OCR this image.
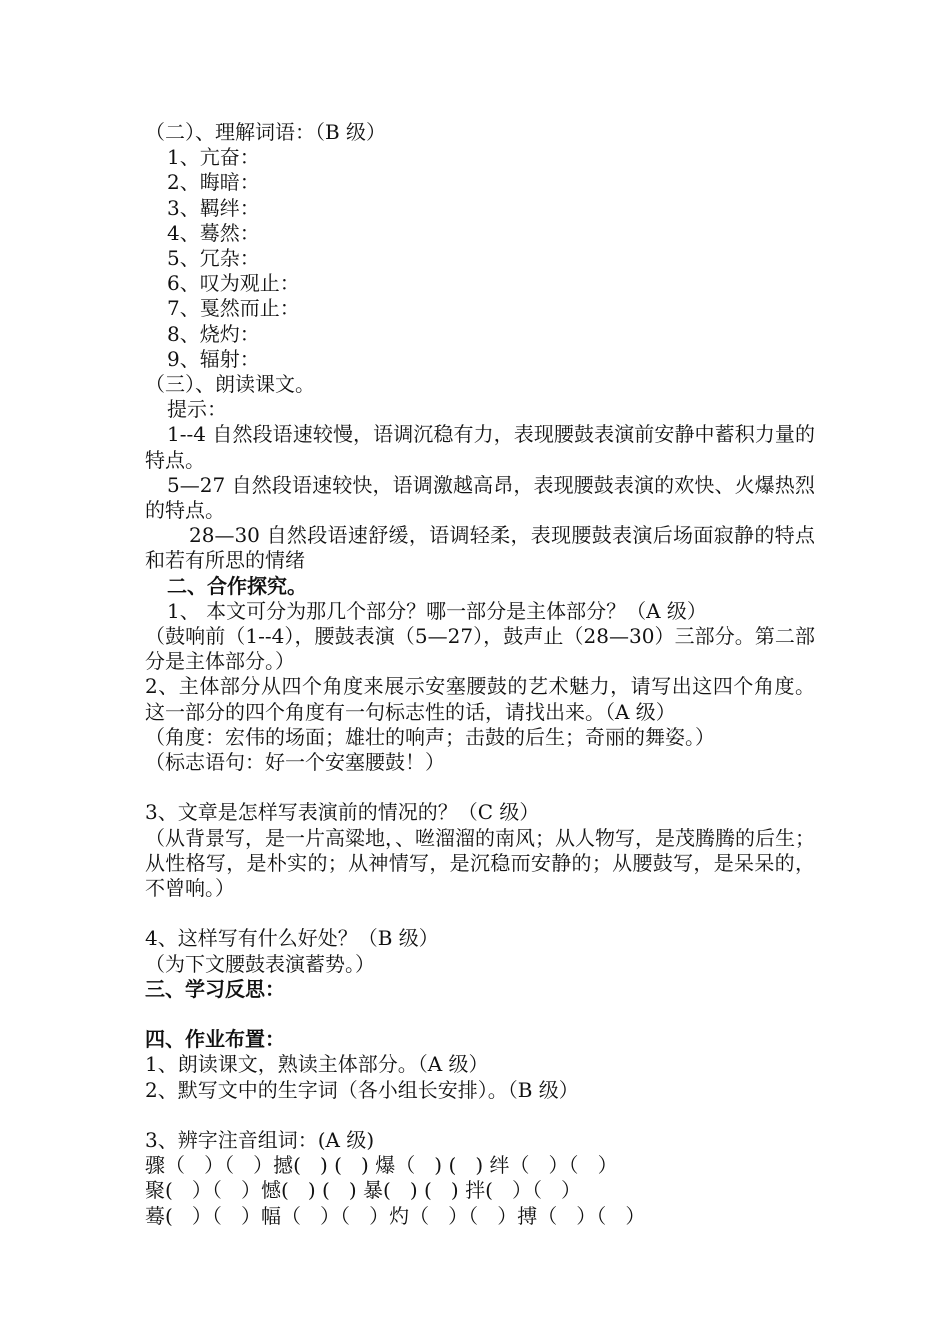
（二）、理解词语：（B 级）
1、亢奋：
2、晦暗：
3、羁绊：
4、蓦然：
5、冗杂：
6、叹为观止：
7、戛然而止：
8、烧灼：
9、辐射：
（三）、朗读课文。
提示：
1--4 自然段语速较慢，语调沉稳有力，表现腰鼓表演前安静中蓄积力量的特点。
5—27 自然段语速较快，语调激越高昂，表现腰鼓表演的欢快、火爆热烈的特点。
28—30 自然段语速舒缓，语调轻柔，表现腰鼓表演后场面寂静的特点和若有所思的情绪
二、合作探究。
1、 本文可分为那几个部分？哪一部分是主体部分？（A 级）
（鼓响前（1--4），腰鼓表演（5—27），鼓声止（28—30）三部分。第二部分是主体部分。）
2、主体部分从四个角度来展示安塞腰鼓的艺术魅力，请写出这四个角度。这一部分的四个角度有一句标志性的话，请找出来。（A 级）
（角度：宏伟的场面；雄壮的响声；击鼓的后生；奇丽的舞姿。）
（标志语句：好一个安塞腰鼓！）
3、文章是怎样写表演前的情况的？（C 级）
（从背景写，是一片高粱地，、咝溜溜的南风；从人物写，是茂腾腾的后生；从性格写，是朴实的；从神情写，是沉稳而安静的；从腰鼓写，是呆呆的，不曾响。）
4、这样写有什么好处？（B 级）
（为下文腰鼓表演蓄势。）
三、学习反思：
四、作业布置：
1、朗读课文，熟读主体部分。（A 级）
2、默写文中的生字词（各小组长安排）。（B 级）
3、辨字注音组词：(A 级)
骤（   ）（   ）撼(   ) (   ) 爆（   ) (   ) 绊（   ）（   ）
聚(   ）（   ）憾(   ) (   ) 暴(   ) (   ) 拌(   ）（   ）
蓦(   ）（   ）幅（   ）（   ）灼（   ）（   ）搏（   ）（   ）
